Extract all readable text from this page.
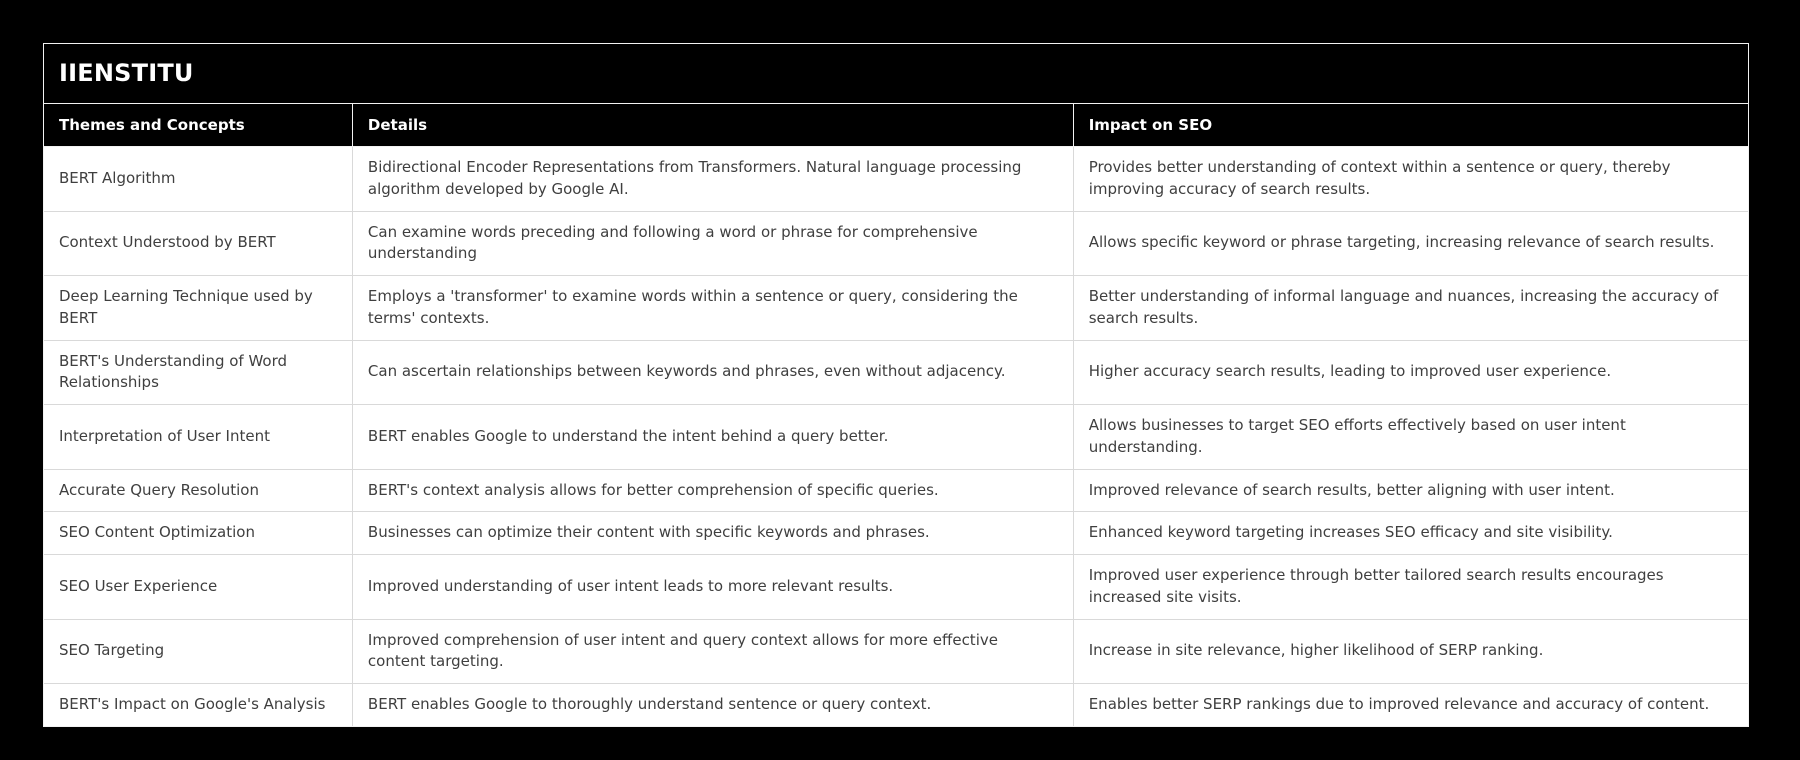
IIENSTITU
Themes and Concepts	Details	Impact on SEO
BERT Algorithm	Bidirectional Encoder Representations from Transformers. Natural language processing algorithm developed by Google AI.	Provides better understanding of context within a sentence or query, thereby improving accuracy of search results.
Context Understood by BERT	Can examine words preceding and following a word or phrase for comprehensive understanding	Allows specific keyword or phrase targeting, increasing relevance of search results.
Deep Learning Technique used by BERT	Employs a 'transformer' to examine words within a sentence or query, considering the terms' contexts.	Better understanding of informal language and nuances, increasing the accuracy of search results.
BERT's Understanding of Word Relationships	Can ascertain relationships between keywords and phrases, even without adjacency.	Higher accuracy search results, leading to improved user experience.
Interpretation of User Intent	BERT enables Google to understand the intent behind a query better.	Allows businesses to target SEO efforts effectively based on user intent understanding.
Accurate Query Resolution	BERT's context analysis allows for better comprehension of specific queries.	Improved relevance of search results, better aligning with user intent.
SEO Content Optimization	Businesses can optimize their content with specific keywords and phrases.	Enhanced keyword targeting increases SEO efficacy and site visibility.
SEO User Experience	Improved understanding of user intent leads to more relevant results.	Improved user experience through better tailored search results encourages increased site visits.
SEO Targeting	Improved comprehension of user intent and query context allows for more effective content targeting.	Increase in site relevance, higher likelihood of SERP ranking.
BERT's Impact on Google's Analysis	BERT enables Google to thoroughly understand sentence or query context.	Enables better SERP rankings due to improved relevance and accuracy of content.
